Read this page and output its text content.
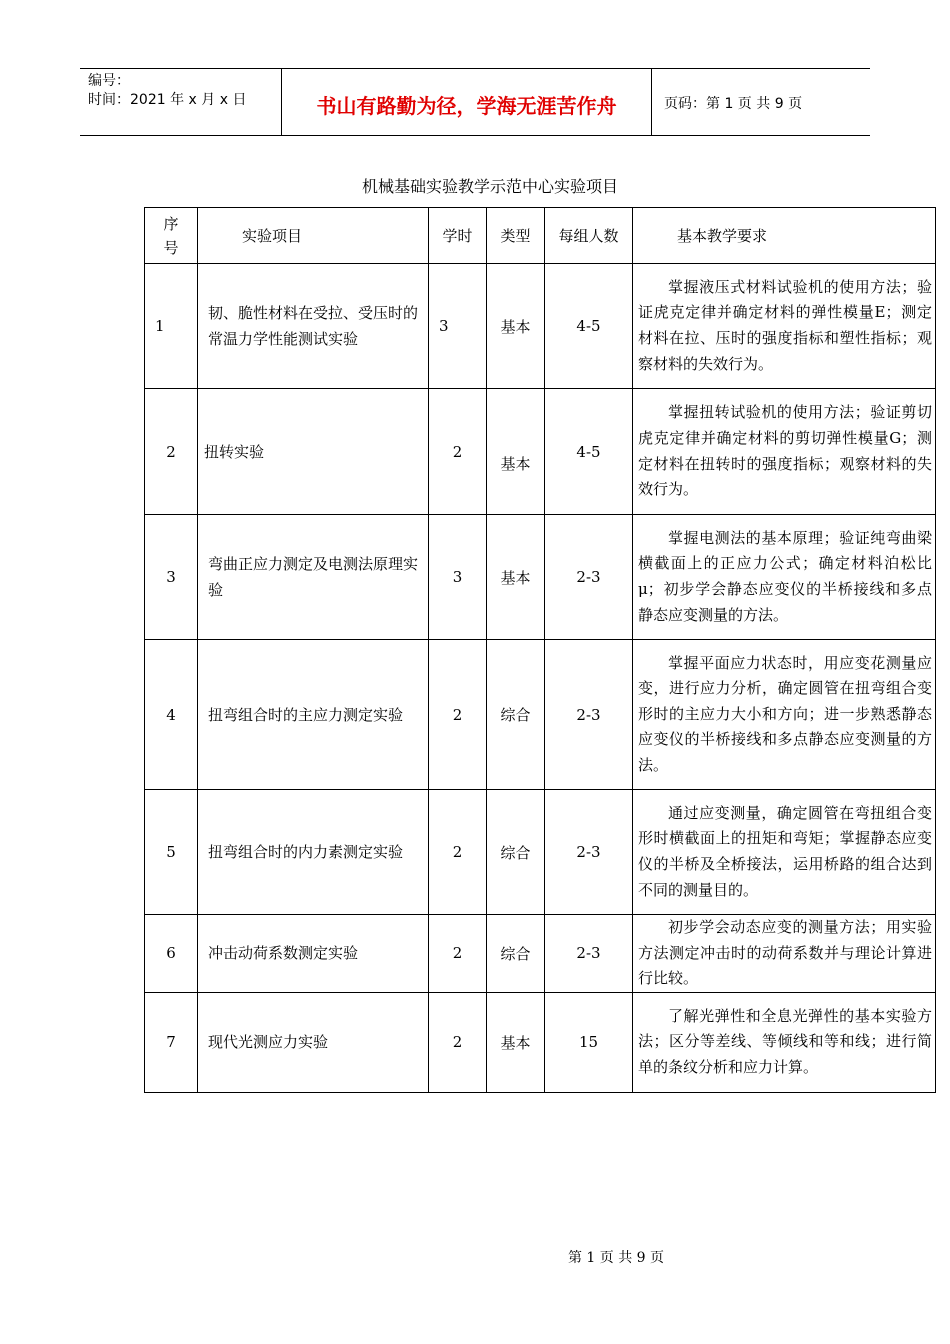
编号：
时间：2021 年 x 月 x 日	书山有路勤为径，学海无涯苦作舟	页码：第 1 页 共 9 页
机械基础实验教学示范中心实验项目
序
号	实验项目	学时	类型	每组人数	基本教学要求
1	韧、脆性材料在受拉、受压时的常温力学性能测试实验	3	基本	4-5	掌握液压式材料试验机的使用方法；验证虎克定律并确定材料的弹性模量E；测定材料在拉、压时的强度指标和塑性指标；观察材料的失效行为。
2	扭转实验	2	基本	4-5	掌握扭转试验机的使用方法；验证剪切虎克定律并确定材料的剪切弹性模量G；测定材料在扭转时的强度指标；观察材料的失效行为。
3	弯曲正应力测定及电测法原理实验	3	基本	2-3	掌握电测法的基本原理；验证纯弯曲梁横截面上的正应力公式；确定材料泊松比 μ；初步学会静态应变仪的半桥接线和多点静态应变测量的方法。
4	扭弯组合时的主应力测定实验	2	综合	2-3	掌握平面应力状态时，用应变花测量应变，进行应力分析，确定圆管在扭弯组合变形时的主应力大小和方向；进一步熟悉静态应变仪的半桥接线和多点静态应变测量的方法。
5	扭弯组合时的内力素测定实验	2	综合	2-3	通过应变测量，确定圆管在弯扭组合变形时横截面上的扭矩和弯矩；掌握静态应变仪的半桥及全桥接法，运用桥路的组合达到不同的测量目的。
6	冲击动荷系数测定实验	2	综合	2-3	初步学会动态应变的测量方法；用实验方法测定冲击时的动荷系数并与理论计算进行比较。
7	现代光测应力实验	2	基本	15	了解光弹性和全息光弹性的基本实验方法；区分等差线、等倾线和等和线；进行简单的条纹分析和应力计算。
第 1 页 共 9 页
